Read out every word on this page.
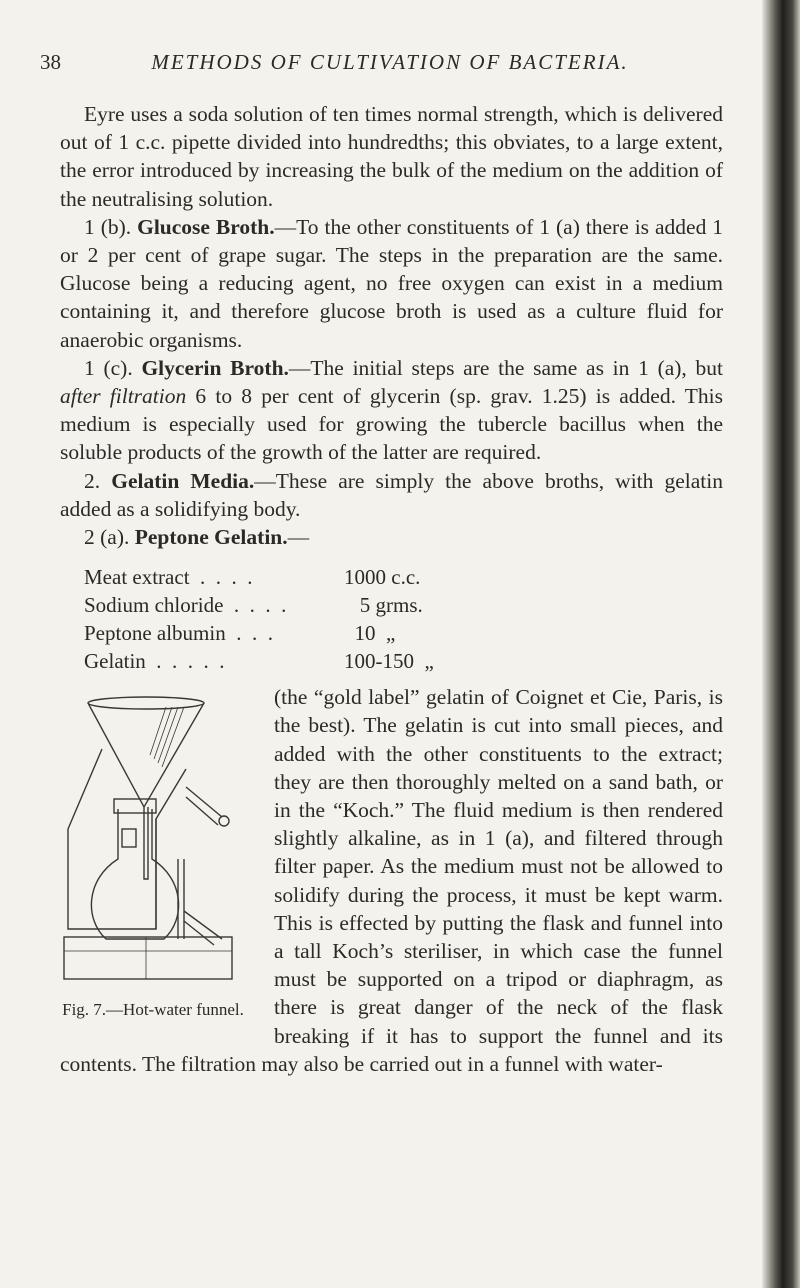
38	METHODS OF CULTIVATION OF BACTERIA.

Eyre uses a soda solution of ten times normal strength, which is delivered out of 1 c.c. pipette divided into hundredths; this obviates, to a large extent, the error introduced by increasing the bulk of the medium on the addition of the neutralising solution.

1 (b). Glucose Broth.—To the other constituents of 1 (a) there is added 1 or 2 per cent of grape sugar. The steps in the preparation are the same. Glucose being a reducing agent, no free oxygen can exist in a medium containing it, and therefore glucose broth is used as a culture fluid for anaerobic organisms.

1 (c). Glycerin Broth.—The initial steps are the same as in 1 (a), but after filtration 6 to 8 per cent of glycerin (sp. grav. 1.25) is added. This medium is especially used for growing the tubercle bacillus when the soluble products of the growth of the latter are required.

2. Gelatin Media.—These are simply the above broths, with gelatin added as a solidifying body.

2 (a). Peptone Gelatin.—

Meat extract  .  .  .  .	1000 c.c.
Sodium chloride  .  .  .  .	5 grms.
Peptone albumin  .  .  .	10  „
Gelatin  .  .  .  .  .	100-150  „
Fig. 7.—Hot-water funnel.

(the “gold label” gelatin of Coignet et Cie, Paris, is the best). The gelatin is cut into small pieces, and added with the other constituents to the extract; they are then thoroughly melted on a sand bath, or in the “Koch.” The fluid medium is then rendered slightly alkaline, as in 1 (a), and filtered through filter paper. As the medium must not be allowed to solidify during the process, it must be kept warm. This is effected by putting the flask and funnel into a tall Koch’s steriliser, in which case the funnel must be supported on a tripod or diaphragm, as there is great danger of the neck of the flask breaking if it has to support the funnel and its contents. The filtration may also be carried out in a funnel with water-
